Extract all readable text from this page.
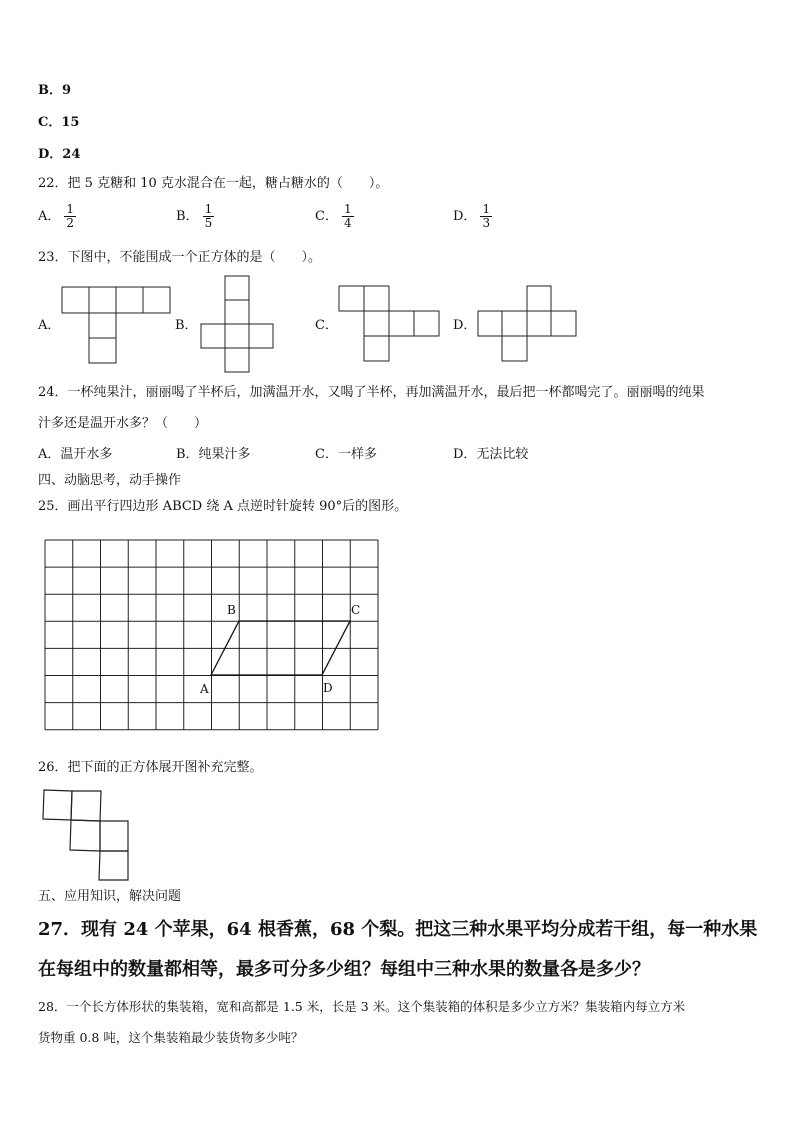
B．9
C．15
D．24
22．把 5 克糖和 10 克水混合在一起，糖占糖水的（　　）。
A． $\frac{1}{2}$	B． $\frac{1}{5}$	C． $\frac{1}{4}$	D． $\frac{1}{3}$
23．下图中，不能围成一个正方体的是（　　）。
A．	B．	C．	D．
24．一杯纯果汁，丽丽喝了半杯后，加满温开水，又喝了半杯，再加满温开水，最后把一杯都喝完了。丽丽喝的纯果
汁多还是温开水多？（　　）
A．温开水多	B．纯果汁多	C．一样多	D．无法比较
四、动脑思考，动手操作
25．画出平行四边形 ABCD 绕 A 点逆时针旋转 90°后的图形。
A
B	C
D
26．把下面的正方体展开图补充完整。
五、应用知识，解决问题
27．现有 24 个苹果，64 根香蕉，68 个梨。把这三种水果平均分成若干组，每一种水果
在每组中的数量都相等，最多可分多少组？每组中三种水果的数量各是多少？
28．一个长方体形状的集装箱，宽和高都是 1.5 米，长是 3 米。这个集装箱的体积是多少立方米？集装箱内每立方米
货物重 0.8 吨，这个集装箱最少装货物多少吨？
